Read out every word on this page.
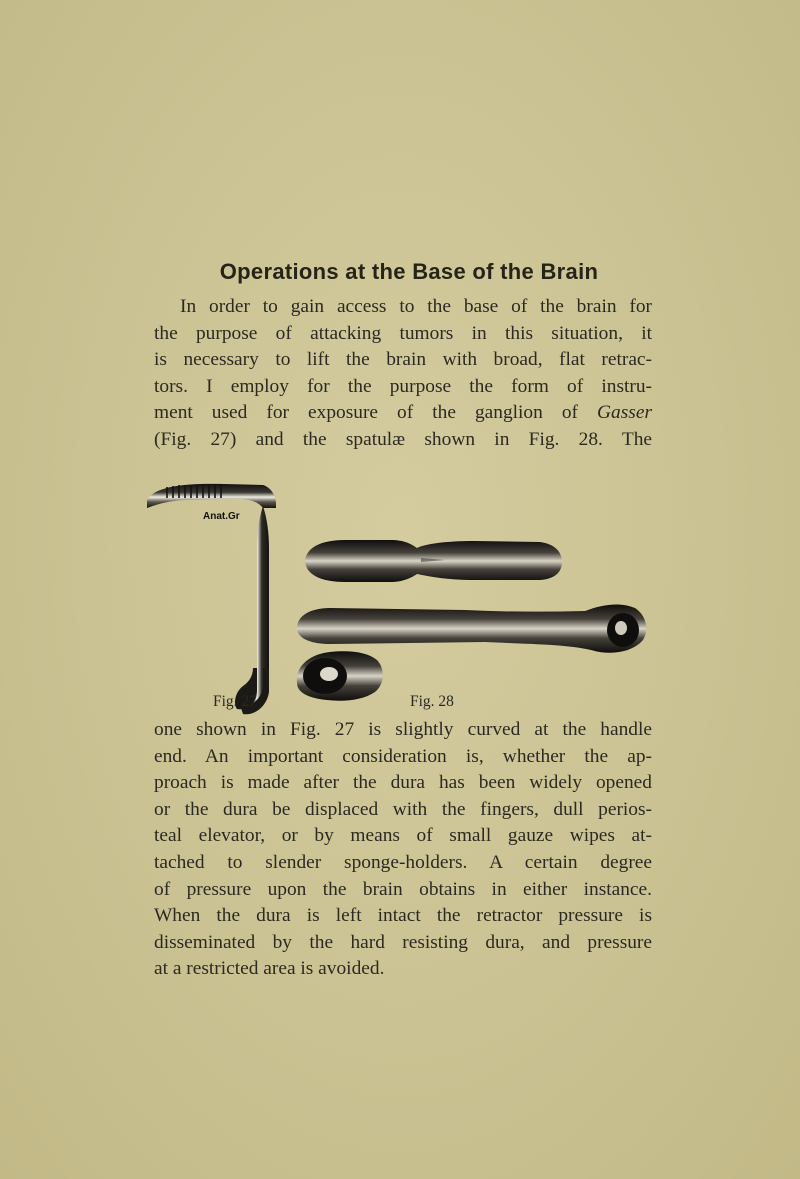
Operations at the Base of the Brain
In order to gain access to the base of the brain for
the purpose of attacking tumors in this situation, it
is necessary to lift the brain with broad, flat retrac-
tors. I employ for the purpose the form of instru-
ment used for exposure of the ganglion of Gasser
(Fig. 27) and the spatulæ shown in Fig. 28. The
Anat.Gr
Fig. 27	Fig. 28
one shown in Fig. 27 is slightly curved at the handle
end. An important consideration is, whether the ap-
proach is made after the dura has been widely opened
or the dura be displaced with the fingers, dull perios-
teal elevator, or by means of small gauze wipes at-
tached to slender sponge-holders. A certain degree
of pressure upon the brain obtains in either instance.
When the dura is left intact the retractor pressure is
disseminated by the hard resisting dura, and pressure
at a restricted area is avoided.
